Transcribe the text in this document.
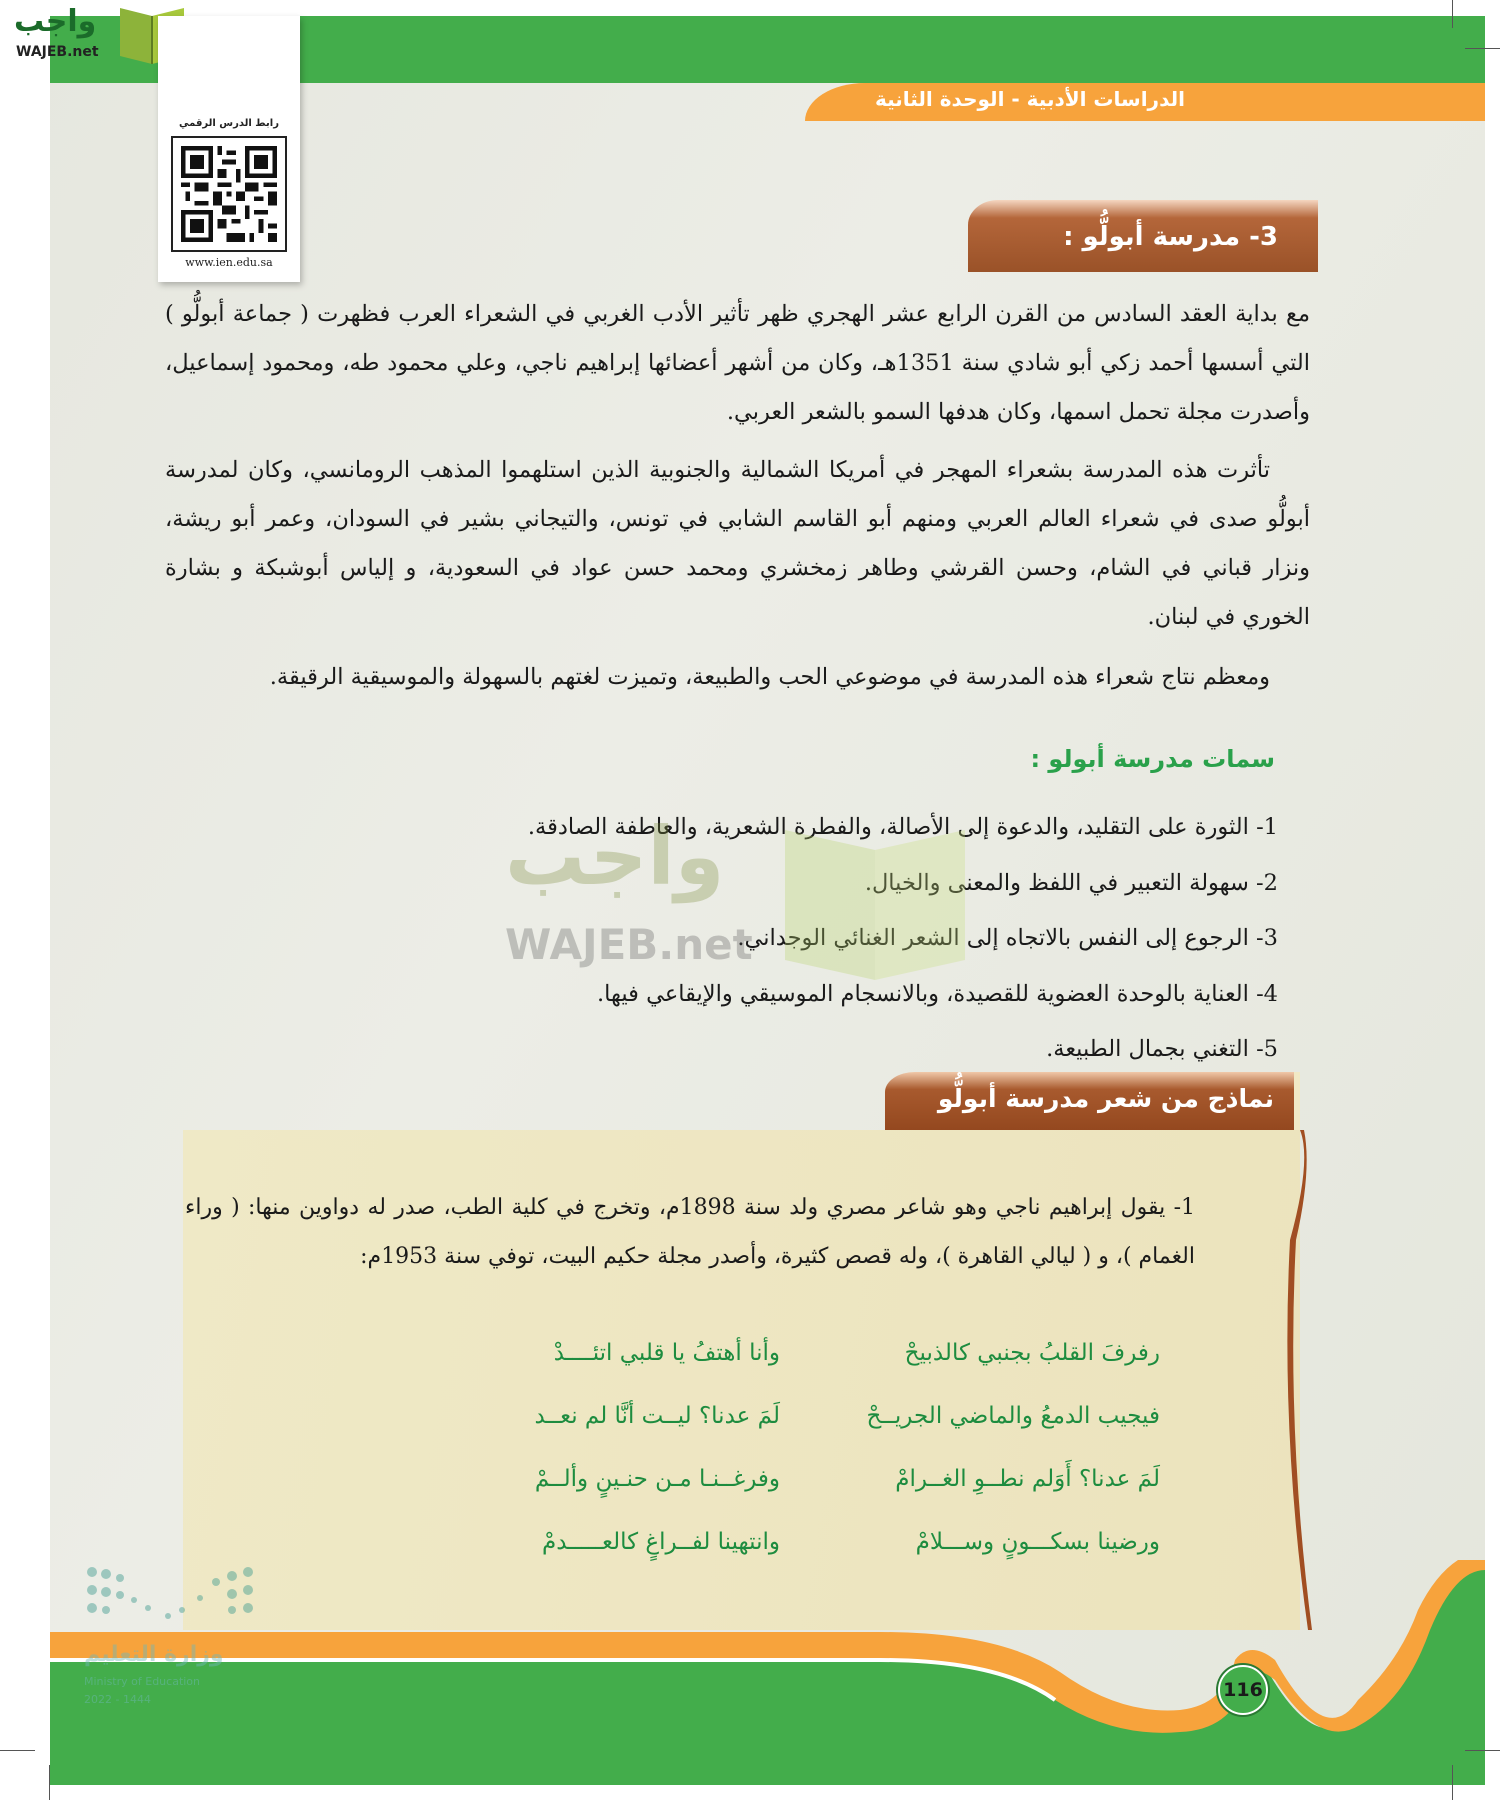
الدراسات الأدبية - الوحدة الثانية
واجب
WAJEB.net
رابط الدرس الرقمي
www.ien.edu.sa
3- مدرسة أبولُّو :

مع بداية العقد السادس من القرن الرابع عشر الهجري ظهر تأثير الأدب الغربي في الشعراء العرب فظهرت ( جماعة أبولُّو ) التي أسسها أحمد زكي أبو شادي سنة 1351هـ، وكان من أشهر أعضائها إبراهيم ناجي، وعلي محمود طه، ومحمود إسماعيل، وأصدرت مجلة تحمل اسمها، وكان هدفها السمو بالشعر العربي.

تأثرت هذه المدرسة بشعراء المهجر في أمريكا الشمالية والجنوبية الذين استلهموا المذهب الرومانسي، وكان لمدرسة أبولُّو صدى في شعراء العالم العربي ومنهم أبو القاسم الشابي في تونس، والتيجاني بشير في السودان، وعمر أبو ريشة، ونزار قباني في الشام، وحسن القرشي وطاهر زمخشري ومحمد حسن عواد في السعودية، و إلياس أبوشبكة و بشارة الخوري في لبنان.

ومعظم نتاج شعراء هذه المدرسة في موضوعي الحب والطبيعة، وتميزت لغتهم بالسهولة والموسيقية الرقيقة.

سمات مدرسة أبولو :
1- الثورة على التقليد، والدعوة إلى الأصالة، والفطرة الشعرية، والعاطفة الصادقة.
2- سهولة التعبير في اللفظ والمعنى والخيال.
3- الرجوع إلى النفس بالاتجاه إلى الشعر الغنائي الوجداني.
4- العناية بالوحدة العضوية للقصيدة، وبالانسجام الموسيقي والإيقاعي فيها.
5- التغني بجمال الطبيعة.
واجب
WAJEB.net
نماذج من شعر مدرسة أبولُّو

1- يقول إبراهيم ناجي وهو شاعر مصري ولد سنة 1898م، وتخرج في كلية الطب، صدر له دواوين منها: ( وراء الغمام )، و ( ليالي القاهرة )، وله قصص كثيرة، وأصدر مجلة حكيم البيت، توفي سنة 1953م:

رفرفَ القلبُ بجنبي كالذبيحْ
وأنا أهتفُ يا قلبي اتئــــدْ
فيجيب الدمعُ والماضي الجريــحْ
لَمَ عدنا؟ ليــت أنَّا لم نعــد
لَمَ عدنا؟ أَوَلم نطــوِ الغــرامْ
وفرغــنـا مـن حنـينٍ وألــمْ
ورضينا بسكـــونٍ وســـلامْ
وانتهينا لفــراغٍ كالعـــــدمْ
116
وزارة التعليم
Ministry of Education
2022 - 1444
